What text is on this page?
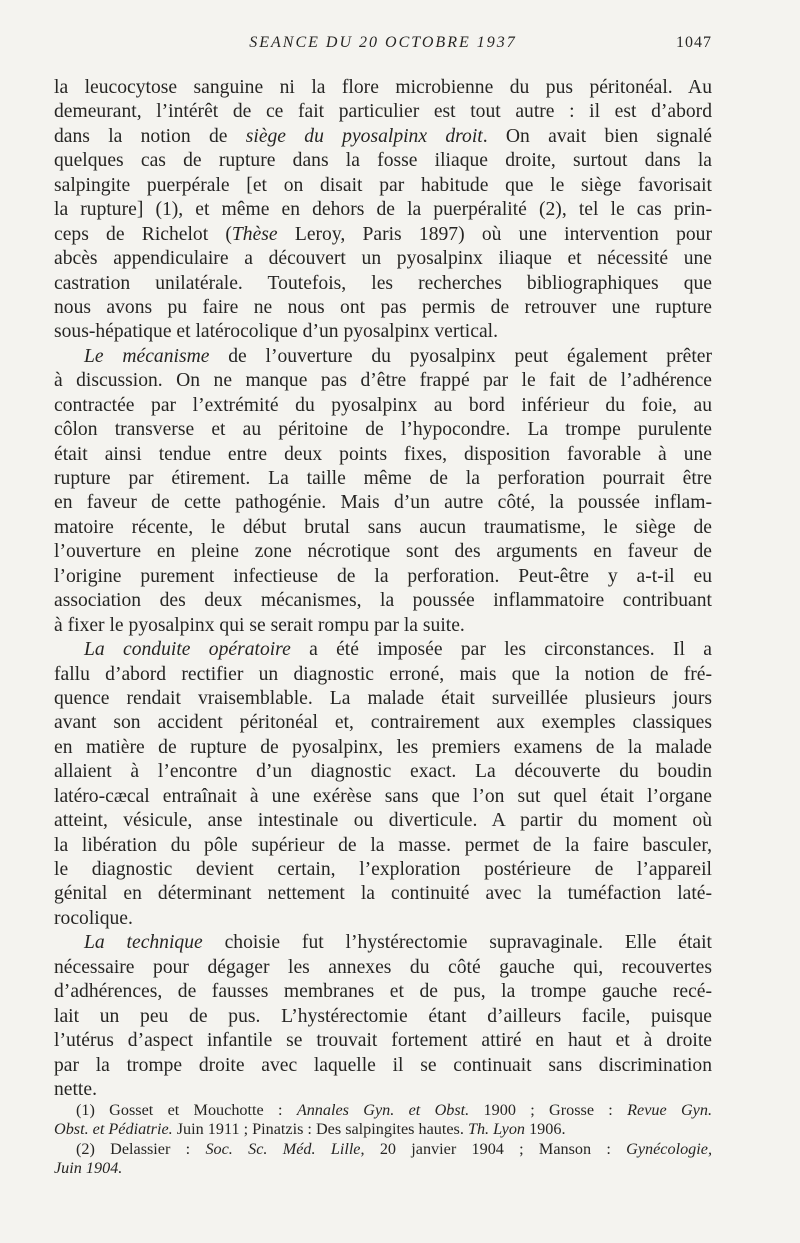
SEANCE DU 20 OCTOBRE 1937	1047
la leucocytose sanguine ni la flore microbienne du pus péritonéal. Au
demeurant, l’intérêt de ce fait particulier est tout autre : il est d’abord
dans la notion de siège du pyosalpinx droit. On avait bien signalé
quelques cas de rupture dans la fosse iliaque droite, surtout dans la
salpingite puerpérale [et on disait par habitude que le siège favorisait
la rupture] (1), et même en dehors de la puerpéralité (2), tel le cas prin-
ceps de Richelot (Thèse Leroy, Paris 1897) où une intervention pour
abcès appendiculaire a découvert un pyosalpinx iliaque et nécessité une
castration unilatérale. Toutefois, les recherches bibliographiques que
nous avons pu faire ne nous ont pas permis de retrouver une rupture
sous-hépatique et latérocolique d’un pyosalpinx vertical.
Le mécanisme de l’ouverture du pyosalpinx peut également prêter
à discussion. On ne manque pas d’être frappé par le fait de l’adhérence
contractée par l’extrémité du pyosalpinx au bord inférieur du foie, au
côlon transverse et au péritoine de l’hypocondre. La trompe purulente
était ainsi tendue entre deux points fixes, disposition favorable à une
rupture par étirement. La taille même de la perforation pourrait être
en faveur de cette pathogénie. Mais d’un autre côté, la poussée inflam-
matoire récente, le début brutal sans aucun traumatisme, le siège de
l’ouverture en pleine zone nécrotique sont des arguments en faveur de
l’origine purement infectieuse de la perforation. Peut-être y a-t-il eu
association des deux mécanismes, la poussée inflammatoire contribuant
à fixer le pyosalpinx qui se serait rompu par la suite.
La conduite opératoire a été imposée par les circonstances. Il a
fallu d’abord rectifier un diagnostic erroné, mais que la notion de fré-
quence rendait vraisemblable. La malade était surveillée plusieurs jours
avant son accident péritonéal et, contrairement aux exemples classiques
en matière de rupture de pyosalpinx, les premiers examens de la malade
allaient à l’encontre d’un diagnostic exact. La découverte du boudin
latéro-cæcal entraînait à une exérèse sans que l’on sut quel était l’organe
atteint, vésicule, anse intestinale ou diverticule. A partir du moment où
la libération du pôle supérieur de la masse. permet de la faire basculer,
le diagnostic devient certain, l’exploration postérieure de l’appareil
génital en déterminant nettement la continuité avec la tuméfaction laté-
rocolique.
La technique choisie fut l’hystérectomie supravaginale. Elle était
nécessaire pour dégager les annexes du côté gauche qui, recouvertes
d’adhérences, de fausses membranes et de pus, la trompe gauche recé-
lait un peu de pus. L’hystérectomie étant d’ailleurs facile, puisque
l’utérus d’aspect infantile se trouvait fortement attiré en haut et à droite
par la trompe droite avec laquelle il se continuait sans discrimination
nette.
(1) Gosset et Mouchotte : Annales Gyn. et Obst. 1900 ; Grosse : Revue Gyn.
Obst. et Pédiatrie. Juin 1911 ; Pinatzis : Des salpingites hautes. Th. Lyon 1906.
(2) Delassier : Soc. Sc. Méd. Lille, 20 janvier 1904 ; Manson : Gynécologie,
Juin 1904.
